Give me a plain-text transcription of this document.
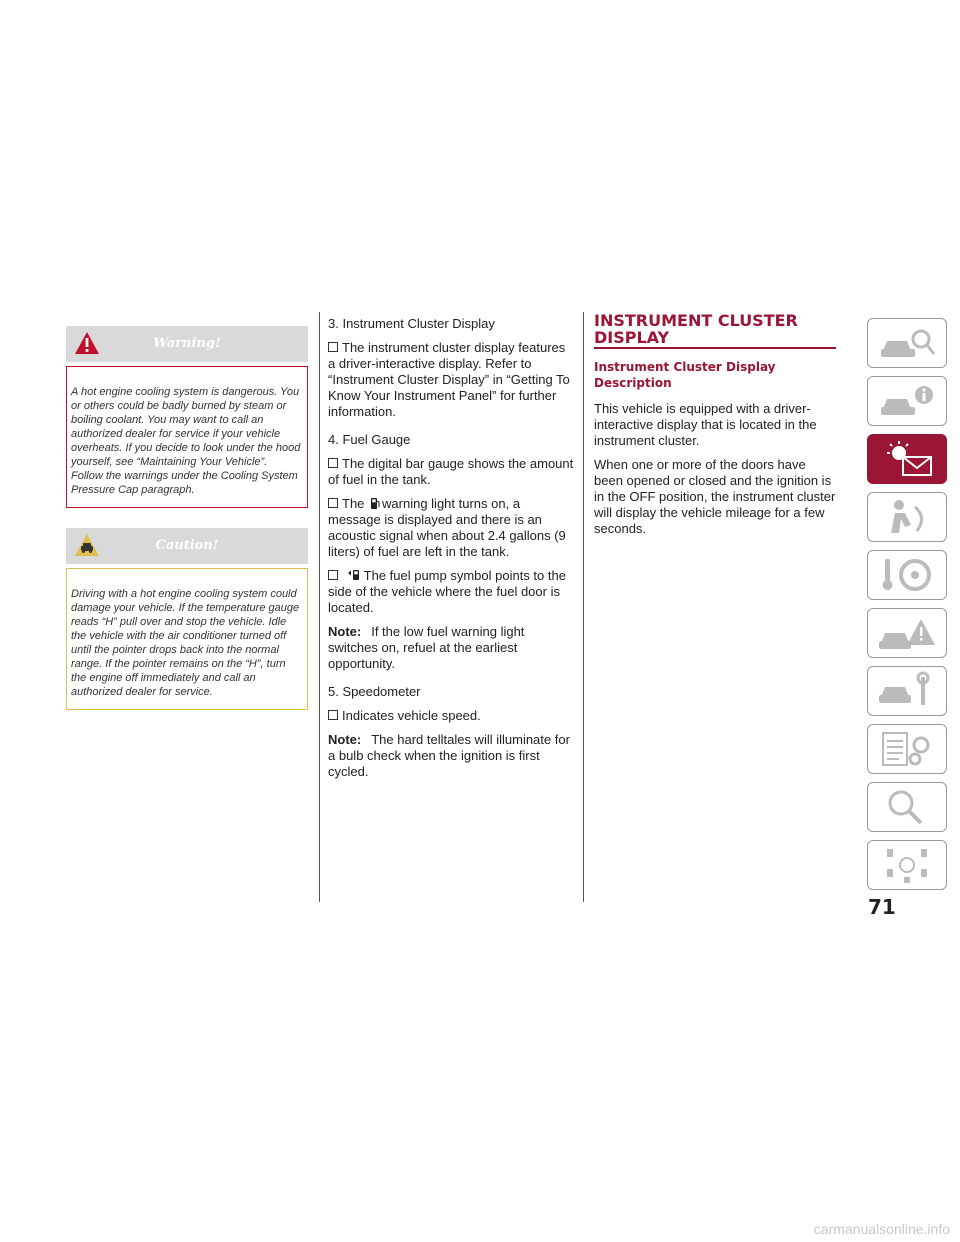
Warning!
A hot engine cooling system is dangerous. You or others could be badly burned by steam or boiling coolant. You may want to call an authorized dealer for service if your vehicle overheats. If you decide to look under the hood yourself, see “Maintaining Your Vehicle”. Follow the warnings under the Cooling System Pressure Cap paragraph.
Caution!
Driving with a hot engine cooling system could damage your vehicle. If the temperature gauge reads “H” pull over and stop the vehicle. Idle the vehicle with the air conditioner turned off until the pointer drops back into the normal range. If the pointer remains on the “H”, turn the engine off immediately and call an authorized dealer for service.
3. Instrument Cluster Display
The instrument cluster display features a driver-interactive display. Refer to “Instrument Cluster Display” in “Getting To Know Your Instrument Panel” for further information.
4. Fuel Gauge
The digital bar gauge shows the amount of fuel in the tank.
The warning light turns on, a message is displayed and there is an acoustic signal when about 2.4 gallons (9 liters) of fuel are left in the tank.
The fuel pump symbol points to the side of the vehicle where the fuel door is located.
Note: If the low fuel warning light switches on, refuel at the earliest opportunity.
5. Speedometer
Indicates vehicle speed.
Note: The hard telltales will illuminate for a bulb check when the ignition is first cycled.
INSTRUMENT CLUSTER DISPLAY
Instrument Cluster Display Description
This vehicle is equipped with a driver-interactive display that is located in the instrument cluster.
When one or more of the doors have been opened or closed and the ignition is in the OFF position, the instrument cluster will display the vehicle mileage for a few seconds.
71
carmanualsonline.info
